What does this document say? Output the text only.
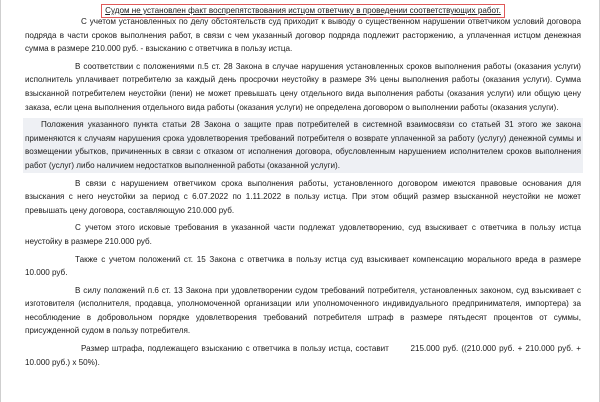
Судом не установлен факт воспрепятствования истцом ответчику в проведении соответствующих работ.

С учетом установленных по делу обстоятельств суд приходит к выводу о существенном нарушении ответчиком условий договора подряда в части сроков выполнения работ, в связи с чем указанный договор подряда подлежит расторжению, а уплаченная истцом денежная сумма в размере 210.000 руб. - взысканию с ответчика в пользу истца.

В соответствии с положениями п.5 ст. 28 Закона в случае нарушения установленных сроков выполнения работы (оказания услуги) исполнитель уплачивает потребителю за каждый день просрочки неустойку в размере 3% цены выполнения работы (оказания услуги). Сумма взысканной потребителем неустойки (пени) не может превышать цену отдельного вида выполнения работы (оказания услуги) или общую цену заказа, если цена выполнения отдельного вида работы (оказания услуги) не определена договором о выполнении работы (оказания услуги).

Положения указанного пункта статьи 28 Закона о защите прав потребителей в системной взаимосвязи со статьей 31 этого же закона применяются к случаям нарушения срока удовлетворения требований потребителя о возврате уплаченной за работу (услугу) денежной суммы и возмещении убытков, причиненных в связи с отказом от исполнения договора, обусловленным нарушением исполнителем сроков выполнения работ (услуг) либо наличием недостатков выполненной работы (оказанной услуги).

В связи с нарушением ответчиком срока выполнения работы, установленного договором имеются правовые основания для взыскания с него неустойки за период с 6.07.2022 по 1.11.2022 в пользу истца. При этом общий размер взысканной неустойки не может превышать цену договора, составляющую 210.000 руб.

С учетом этого исковые требования в указанной части подлежат удовлетворению, суд взыскивает с ответчика в пользу истца неустойку в размере 210.000 руб.

Также с учетом положений ст. 15 Закона с ответчика в пользу истца суд взыскивает компенсацию морального вреда в размере 10.000 руб.

В силу положений п.6 ст. 13 Закона при удовлетворении судом требований потребителя, установленных законом, суд взыскивает с изготовителя (исполнителя, продавца, уполномоченной организации или уполномоченного индивидуального предпринимателя, импортера) за несоблюдение в добровольном порядке удовлетворения требований потребителя штраф в размере пятьдесят процентов от суммы, присужденной судом в пользу потребителя.

Размер штрафа, подлежащего взысканию с ответчика в пользу истца, составит       215.000 руб. ((210.000 руб. + 210.000 руб. + 10.000 руб.) х 50%).
